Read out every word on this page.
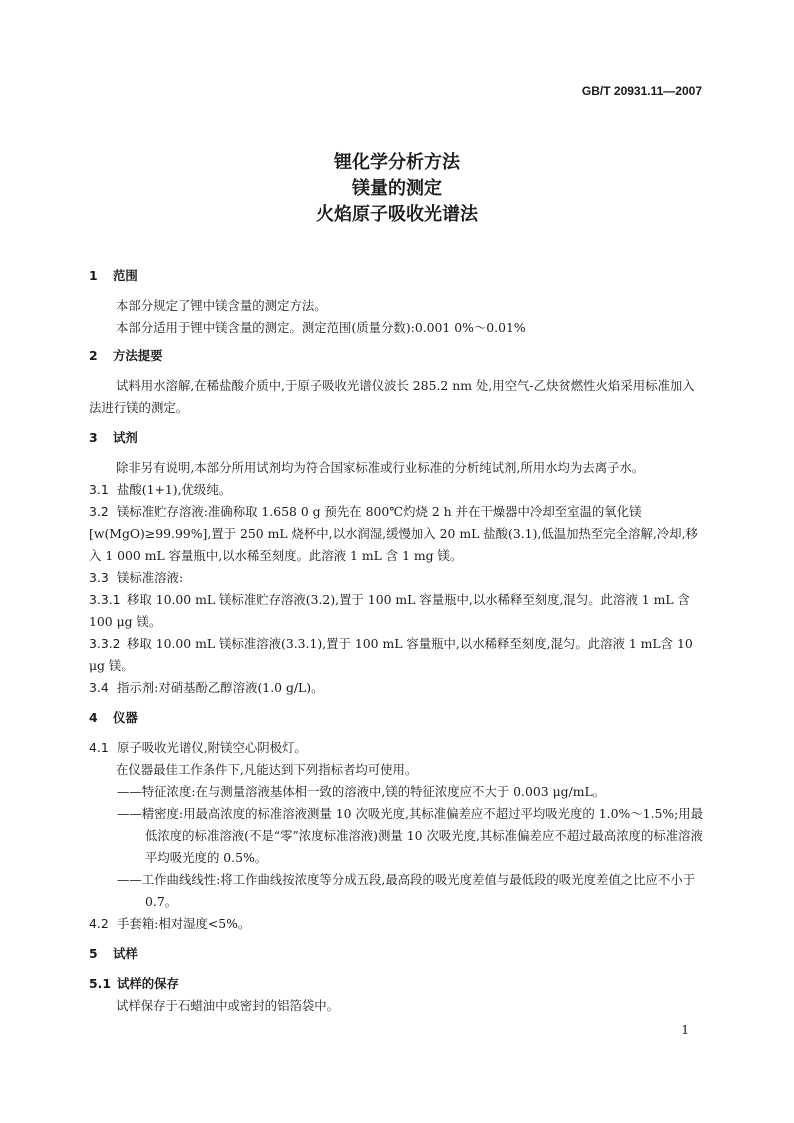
GB/T 20931.11—2007
锂化学分析方法
镁量的测定
火焰原子吸收光谱法
1 范围
本部分规定了锂中镁含量的测定方法。
本部分适用于锂中镁含量的测定。测定范围(质量分数):0.001 0%～0.01%
2 方法提要
试料用水溶解,在稀盐酸介质中,于原子吸收光谱仪波长 285.2 nm 处,用空气-乙炔贫燃性火焰采用标准加入法进行镁的测定。
3 试剂
除非另有说明,本部分所用试剂均为符合国家标准或行业标准的分析纯试剂,所用水均为去离子水。
3.1 盐酸(1+1),优级纯。
3.2 镁标准贮存溶液:准确称取 1.658 0 g 预先在 800℃灼烧 2 h 并在干燥器中冷却至室温的氧化镁[w(MgO)≥99.99%],置于 250 mL 烧杯中,以水润湿,缓慢加入 20 mL 盐酸(3.1),低温加热至完全溶解,冷却,移入 1 000 mL 容量瓶中,以水稀至刻度。此溶液 1 mL 含 1 mg 镁。
3.3 镁标准溶液:
3.3.1 移取 10.00 mL 镁标准贮存溶液(3.2),置于 100 mL 容量瓶中,以水稀释至刻度,混匀。此溶液 1 mL 含 100 μg 镁。
3.3.2 移取 10.00 mL 镁标准溶液(3.3.1),置于 100 mL 容量瓶中,以水稀释至刻度,混匀。此溶液 1 mL含 10 μg 镁。
3.4 指示剂:对硝基酚乙醇溶液(1.0 g/L)。
4 仪器
4.1 原子吸收光谱仪,附镁空心阴极灯。
在仪器最佳工作条件下,凡能达到下列指标者均可使用。
——特征浓度:在与测量溶液基体相一致的溶液中,镁的特征浓度应不大于 0.003 μg/mL。
——精密度:用最高浓度的标准溶液测量 10 次吸光度,其标准偏差应不超过平均吸光度的 1.0%～1.5%;用最低浓度的标准溶液(不是“零”浓度标准溶液)测量 10 次吸光度,其标准偏差应不超过最高浓度的标准溶液平均吸光度的 0.5%。
——工作曲线线性:将工作曲线按浓度等分成五段,最高段的吸光度差值与最低段的吸光度差值之比应不小于 0.7。
4.2 手套箱:相对湿度<5%。
5 试样
5.1 试样的保存
试样保存于石蜡油中或密封的铝箔袋中。
1
